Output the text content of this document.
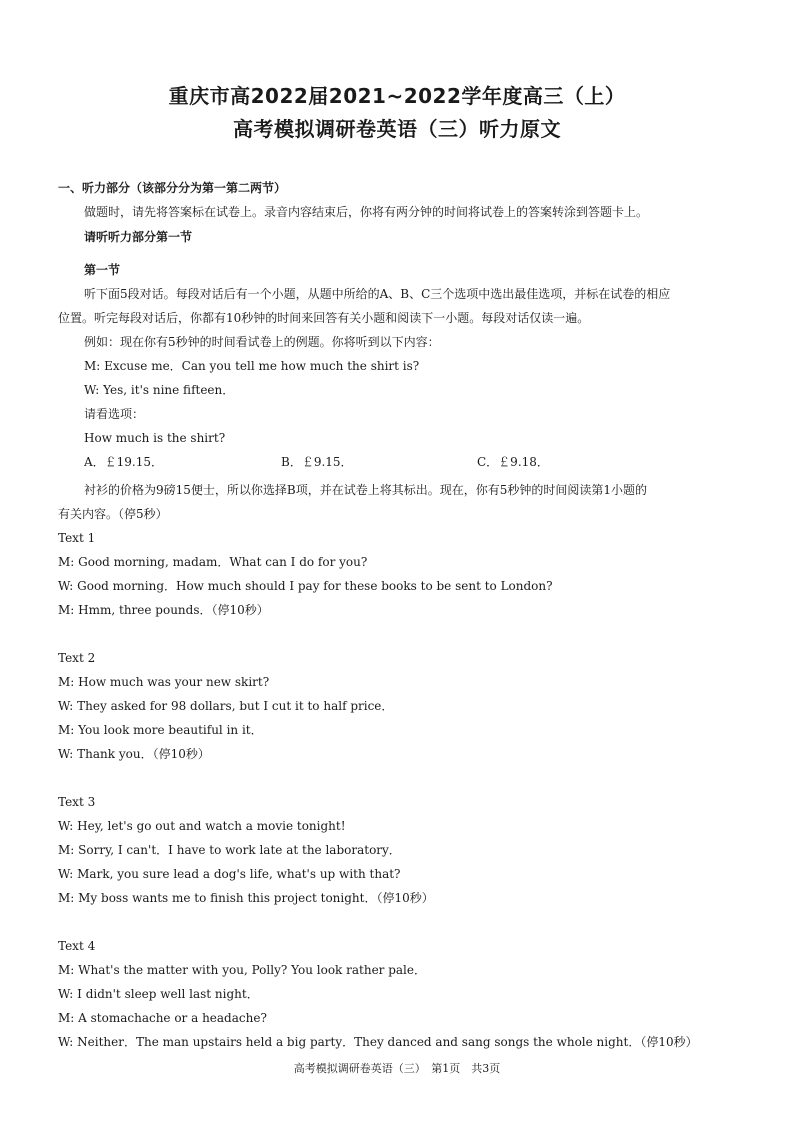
重庆市高2022届2021~2022学年度高三（上）
高考模拟调研卷英语（三）听力原文

一、听力部分（该部分分为第一第二两节）

做题时，请先将答案标在试卷上。录音内容结束后，你将有两分钟的时间将试卷上的答案转涂到答题卡上。

请听听力部分第一节

第一节

听下面5段对话。每段对话后有一个小题，从题中所给的A、B、C三个选项中选出最佳选项，并标在试卷的相应

位置。听完每段对话后，你都有10秒钟的时间来回答有关小题和阅读下一小题。每段对话仅读一遍。

例如：现在你有5秒钟的时间看试卷上的例题。你将听到以下内容：

M: Excuse me．Can you tell me how much the shirt is?

W: Yes, it's nine fifteen．

请看选项：

How much is the shirt?

A．￡19.15．	B．￡9.15．	C．￡9.18．

衬衫的价格为9磅15便士，所以你选择B项，并在试卷上将其标出。现在，你有5秒钟的时间阅读第1小题的

有关内容。（停5秒）

Text 1

M: Good morning, madam．What can I do for you?

W: Good morning．How much should I pay for these books to be sent to London?

M: Hmm, three pounds．（停10秒）

Text 2

M: How much was your new skirt?

W: They asked for 98 dollars, but I cut it to half price．

M: You look more beautiful in it．

W: Thank you．（停10秒）

Text 3

W: Hey, let's go out and watch a movie tonight!

M: Sorry, I can't．I have to work late at the laboratory．

W: Mark, you sure lead a dog's life, what's up with that?

M: My boss wants me to finish this project tonight．（停10秒）

Text 4

M: What's the matter with you, Polly? You look rather pale．

W: I didn't sleep well last night．

M: A stomachache or a headache?

W: Neither．The man upstairs held a big party．They danced and sang songs the whole night．（停10秒）

高考模拟调研卷英语（三）　第1页　共3页
